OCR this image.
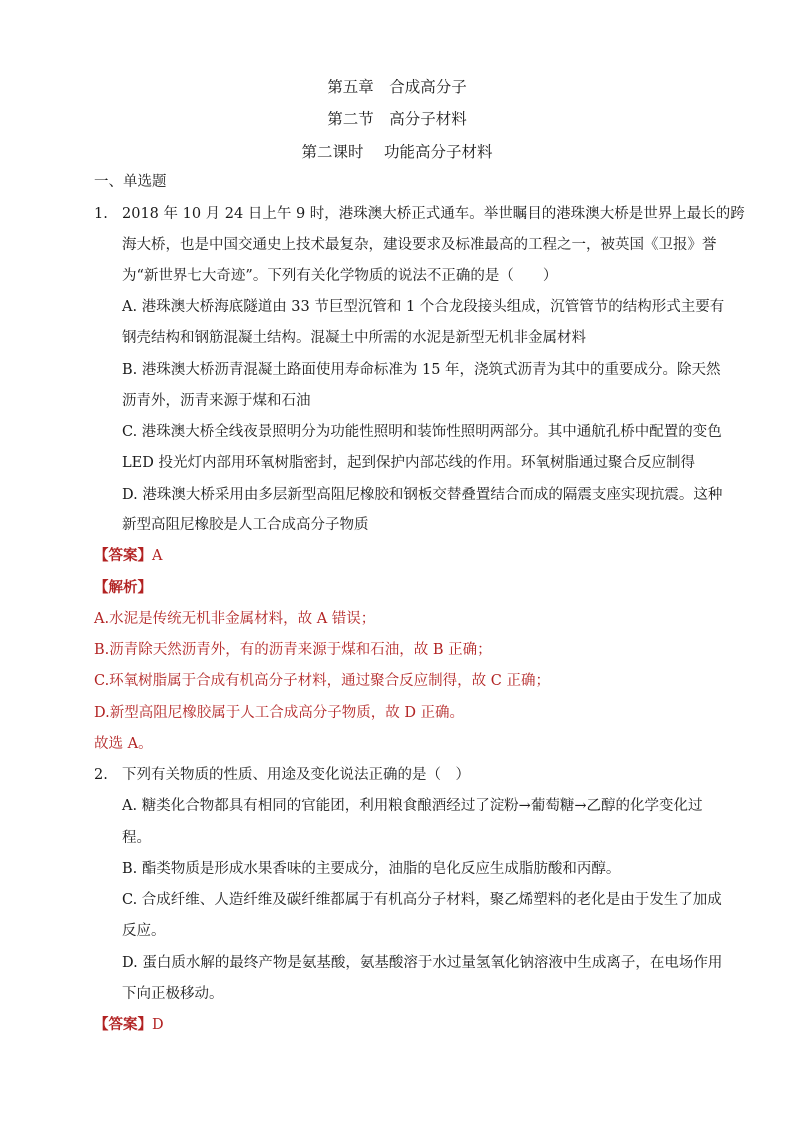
第五章　合成高分子
第二节　高分子材料
第二课时　 功能高分子材料
一、单选题
1. 2018 年 10 月 24 日上午 9 时，港珠澳大桥正式通车。举世瞩目的港珠澳大桥是世界上最长的跨
海大桥，也是中国交通史上技术最复杂，建设要求及标准最高的工程之一，被英国《卫报》誉
为“新世界七大奇迹”。下列有关化学物质的说法不正确的是（　　）
A. 港珠澳大桥海底隧道由 33 节巨型沉管和 1 个合龙段接头组成，沉管管节的结构形式主要有
钢壳结构和钢筋混凝土结构。混凝土中所需的水泥是新型无机非金属材料
B. 港珠澳大桥沥青混凝土路面使用寿命标准为 15 年，浇筑式沥青为其中的重要成分。除天然
沥青外，沥青来源于煤和石油
C. 港珠澳大桥全线夜景照明分为功能性照明和装饰性照明两部分。其中通航孔桥中配置的变色
LED 投光灯内部用环氧树脂密封，起到保护内部芯线的作用。环氧树脂通过聚合反应制得
D. 港珠澳大桥采用由多层新型高阻尼橡胶和钢板交替叠置结合而成的隔震支座实现抗震。这种
新型高阻尼橡胶是人工合成高分子物质
【答案】 A
【解析】
A.水泥是传统无机非金属材料，故 A 错误；
B.沥青除天然沥青外，有的沥青来源于煤和石油，故 B 正确；
C.环氧树脂属于合成有机高分子材料，通过聚合反应制得，故 C 正确；
D.新型高阻尼橡胶属于人工合成高分子物质，故 D 正确。
故选 A。
2. 下列有关物质的性质、用途及变化说法正确的是（　）
A. 糖类化合物都具有相同的官能团，利用粮食酿酒经过了淀粉→葡萄糖→乙醇的化学变化过
程。
B. 酯类物质是形成水果香味的主要成分，油脂的皂化反应生成脂肪酸和丙醇。
C. 合成纤维、人造纤维及碳纤维都属于有机高分子材料，聚乙烯塑料的老化是由于发生了加成
反应。
D. 蛋白质水解的最终产物是氨基酸，氨基酸溶于水过量氢氧化钠溶液中生成离子，在电场作用
下向正极移动。
【答案】 D
